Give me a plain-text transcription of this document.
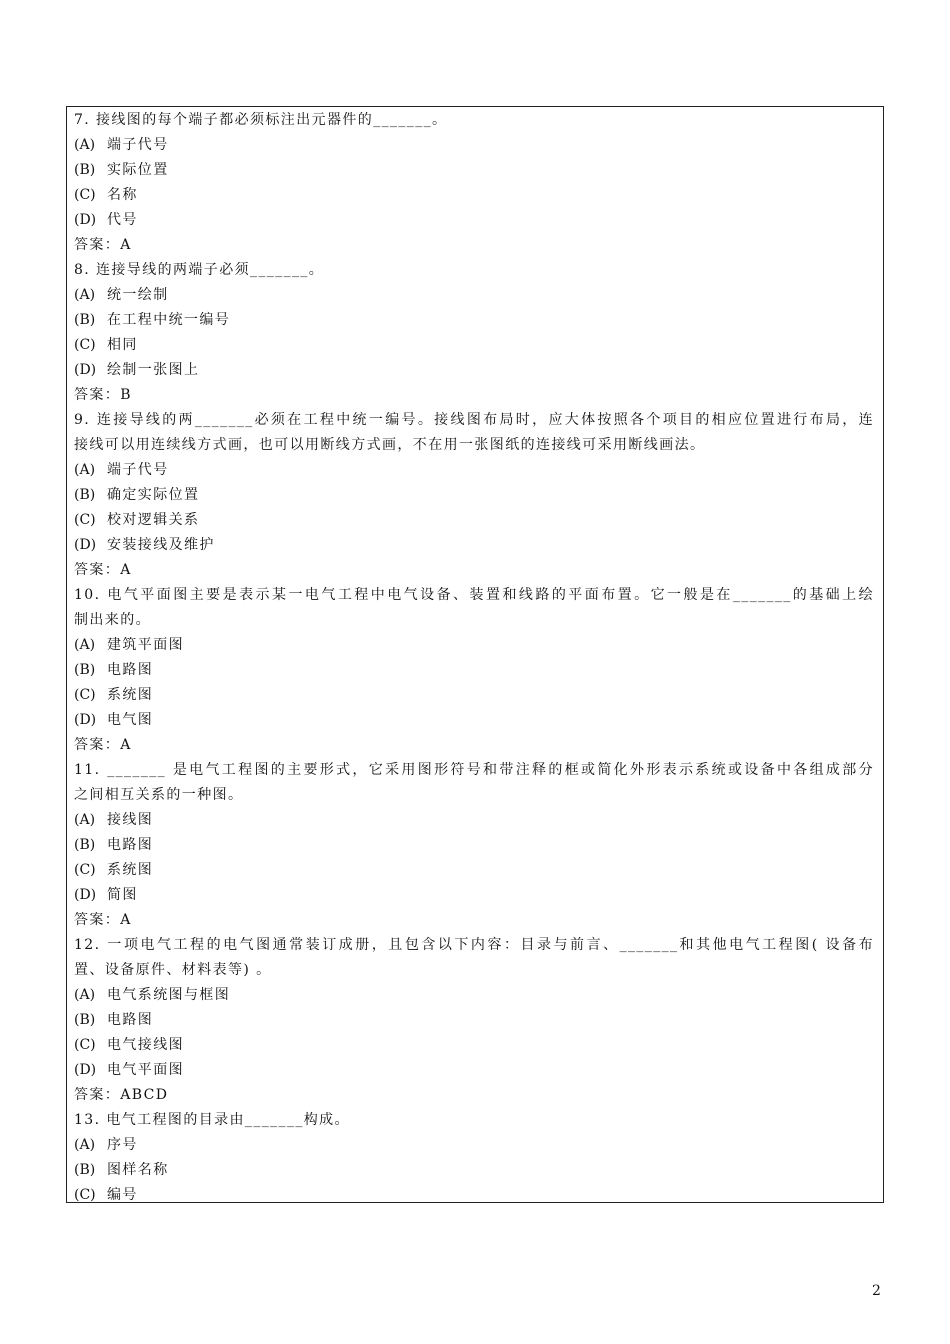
7. 接线图的每个端子都必须标注出元器件的_______。
(A) 端子代号
(B) 实际位置
(C) 名称
(D) 代号
答案：A
8. 连接导线的两端子必须_______。
(A) 统一绘制
(B) 在工程中统一编号
(C) 相同
(D) 绘制一张图上
答案：B
9. 连接导线的两_______必须在工程中统一编号。接线图布局时，应大体按照各个项目的相应位置进行布局，连
接线可以用连续线方式画，也可以用断线方式画，不在用一张图纸的连接线可采用断线画法。
(A) 端子代号
(B) 确定实际位置
(C) 校对逻辑关系
(D) 安装接线及维护
答案：A
10. 电气平面图主要是表示某一电气工程中电气设备、装置和线路的平面布置。它一般是在_______的基础上绘
制出来的。
(A) 建筑平面图
(B) 电路图
(C) 系统图
(D) 电气图
答案：A
11. _______ 是电气工程图的主要形式，它采用图形符号和带注释的框或简化外形表示系统或设备中各组成部分
之间相互关系的一种图。
(A) 接线图
(B) 电路图
(C) 系统图
(D) 简图
答案：A
12. 一项电气工程的电气图通常装订成册，且包含以下内容：目录与前言、_______和其他电气工程图( 设备布
置、设备原件、材料表等) 。
(A) 电气系统图与框图
(B) 电路图
(C) 电气接线图
(D) 电气平面图
答案：ABCD
13. 电气工程图的目录由_______构成。
(A) 序号
(B) 图样名称
(C) 编号
2
